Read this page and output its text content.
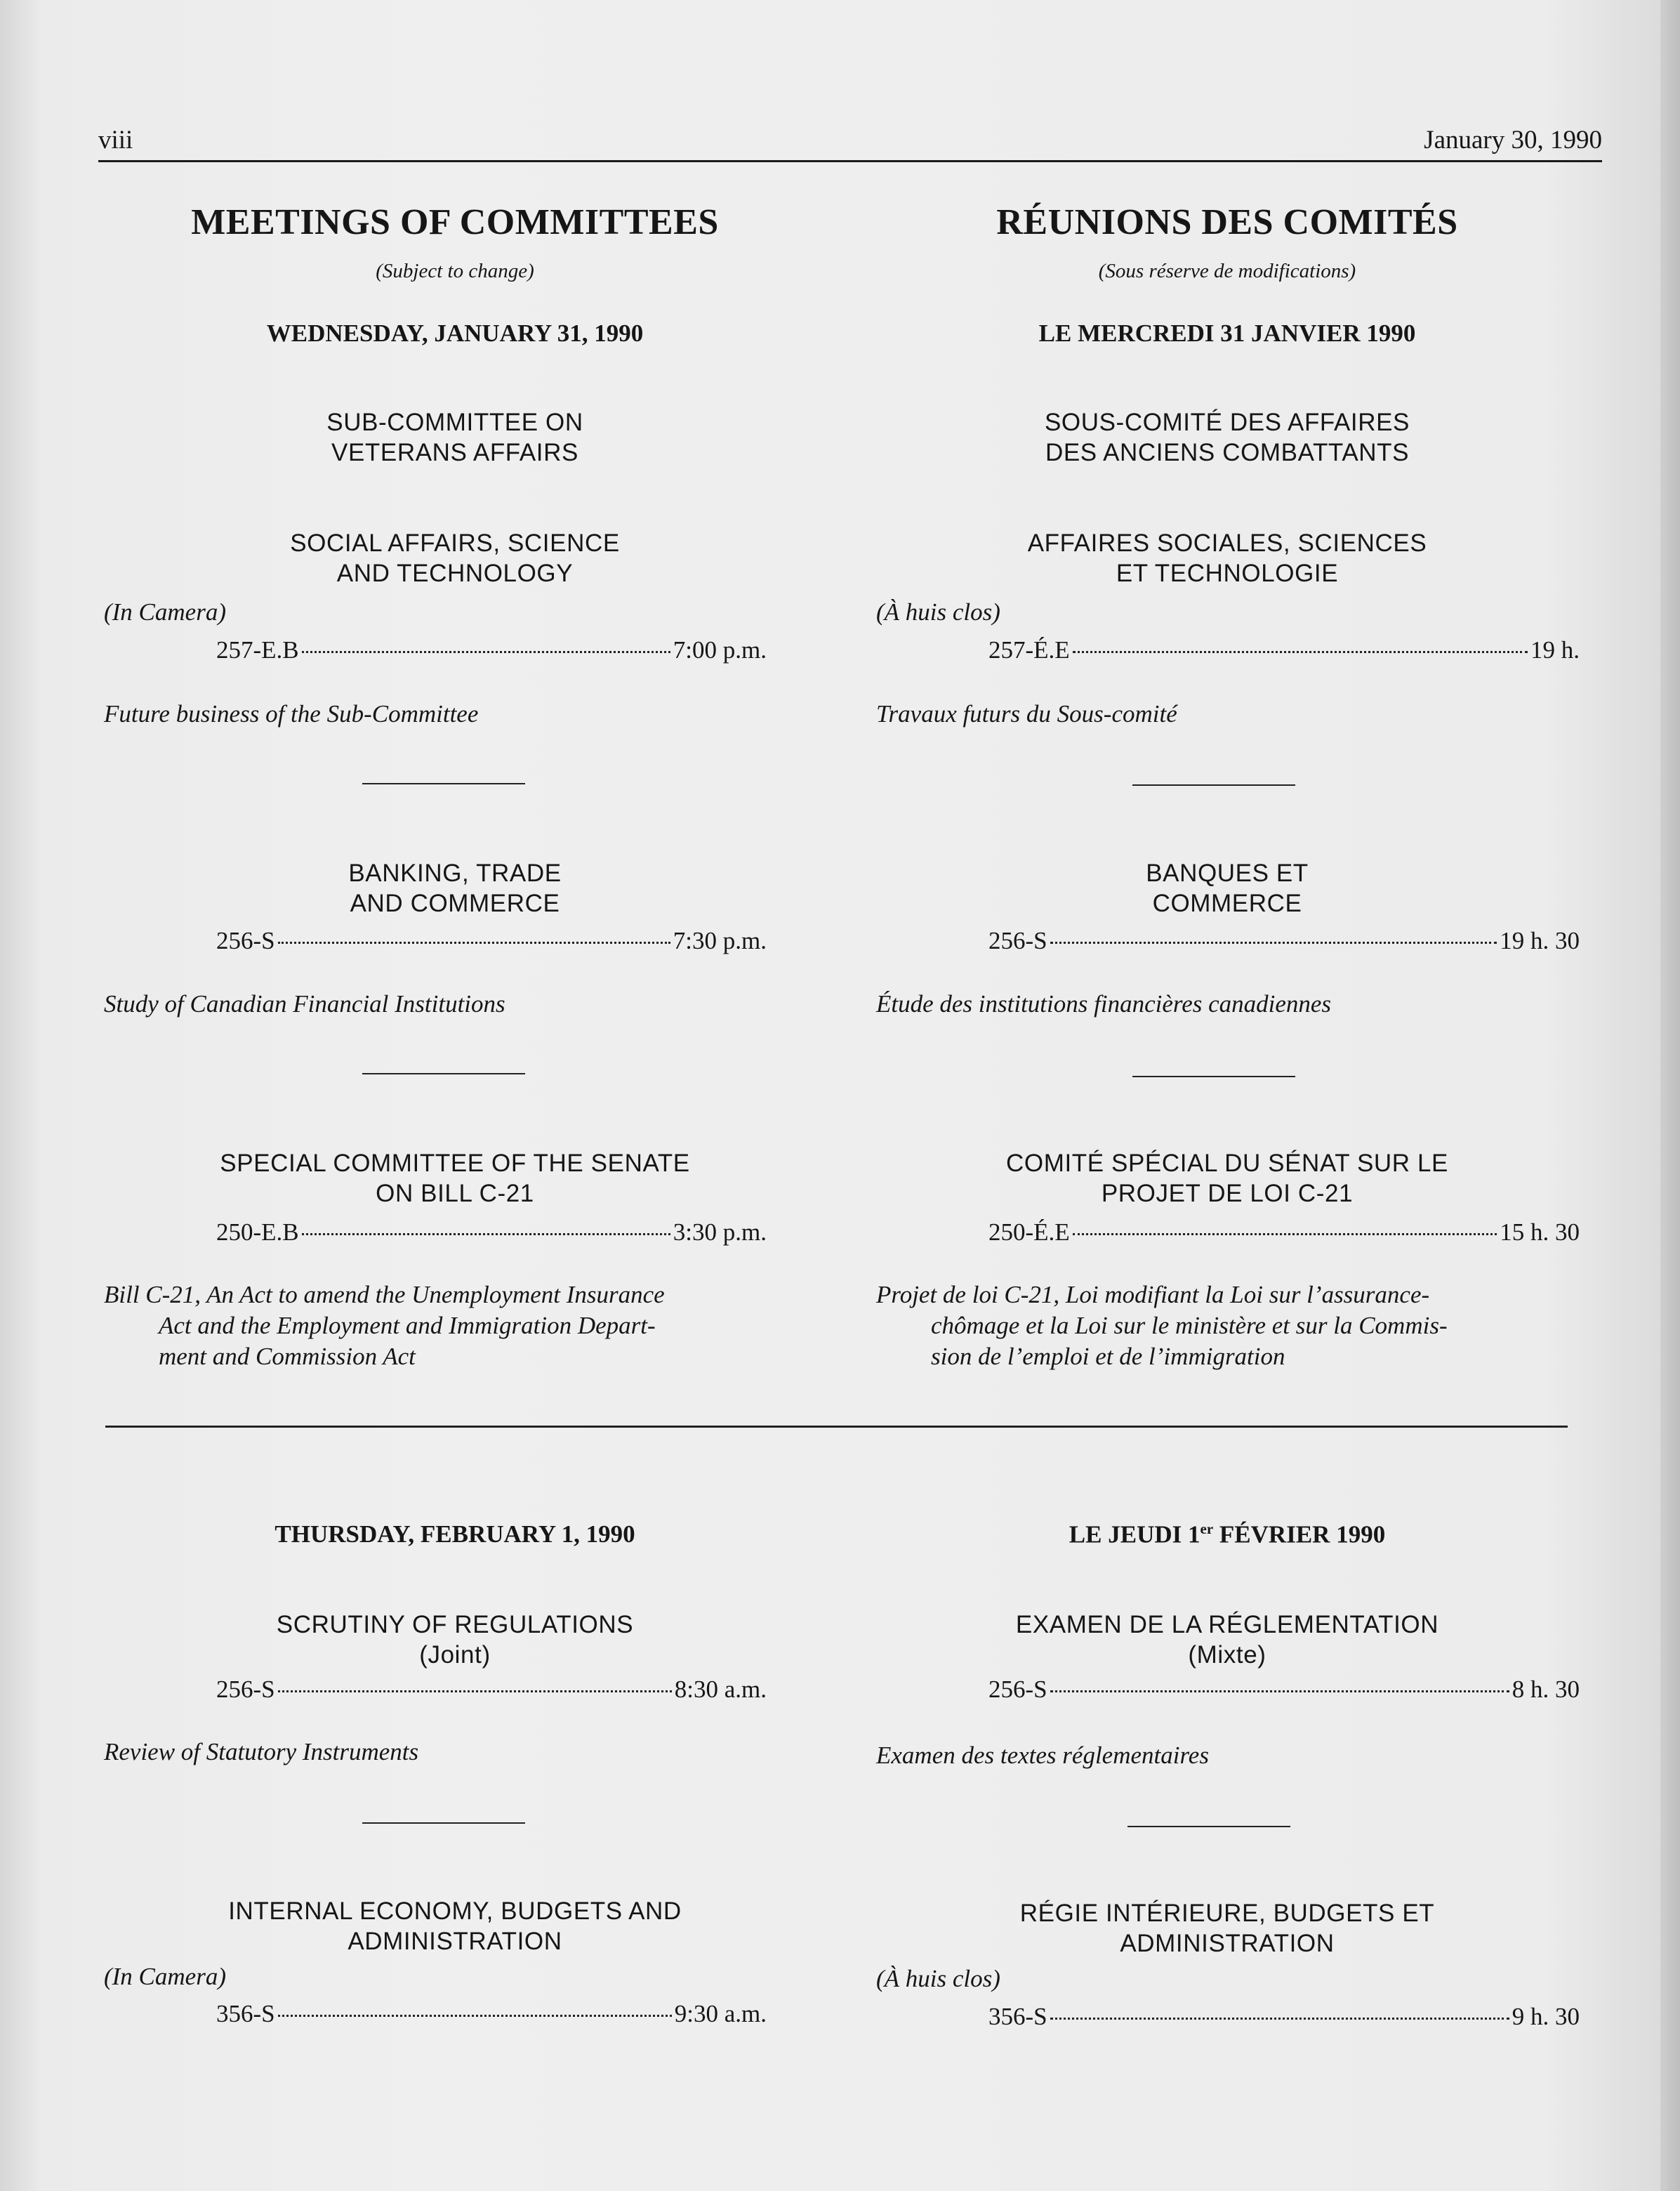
viii	January 30, 1990
MEETINGS OF COMMITTEES
(Subject to change)
WEDNESDAY, JANUARY 31, 1990
SUB-COMMITTEE ON
VETERANS AFFAIRS
SOCIAL AFFAIRS, SCIENCE
AND TECHNOLOGY
(In Camera)
257-E.B	7:00 p.m.
Future business of the Sub-Committee
BANKING, TRADE
AND COMMERCE
256-S	7:30 p.m.
Study of Canadian Financial Institutions
SPECIAL COMMITTEE OF THE SENATE
ON BILL C-21
250-E.B	3:30 p.m.
Bill C-21, An Act to amend the Unemployment Insurance
Act and the Employment and Immigration Depart-
ment and Commission Act
THURSDAY, FEBRUARY 1, 1990
SCRUTINY OF REGULATIONS
(Joint)
256-S	8:30 a.m.
Review of Statutory Instruments
INTERNAL ECONOMY, BUDGETS AND
ADMINISTRATION
(In Camera)
356-S	9:30 a.m.
RÉUNIONS DES COMITÉS
(Sous réserve de modifications)
LE MERCREDI 31 JANVIER 1990
SOUS-COMITÉ DES AFFAIRES
DES ANCIENS COMBATTANTS
AFFAIRES SOCIALES, SCIENCES
ET TECHNOLOGIE
(À huis clos)
257-É.E	19 h.
Travaux futurs du Sous-comité
BANQUES ET
COMMERCE
256-S	19 h. 30
Étude des institutions financières canadiennes
COMITÉ SPÉCIAL DU SÉNAT SUR LE
PROJET DE LOI C-21
250-É.E	15 h. 30
Projet de loi C-21, Loi modifiant la Loi sur l’assurance-
chômage et la Loi sur le ministère et sur la Commis-
sion de l’emploi et de l’immigration
LE JEUDI 1er FÉVRIER 1990
EXAMEN DE LA RÉGLEMENTATION
(Mixte)
256-S	8 h. 30
Examen des textes réglementaires
RÉGIE INTÉRIEURE, BUDGETS ET
ADMINISTRATION
(À huis clos)
356-S	9 h. 30
